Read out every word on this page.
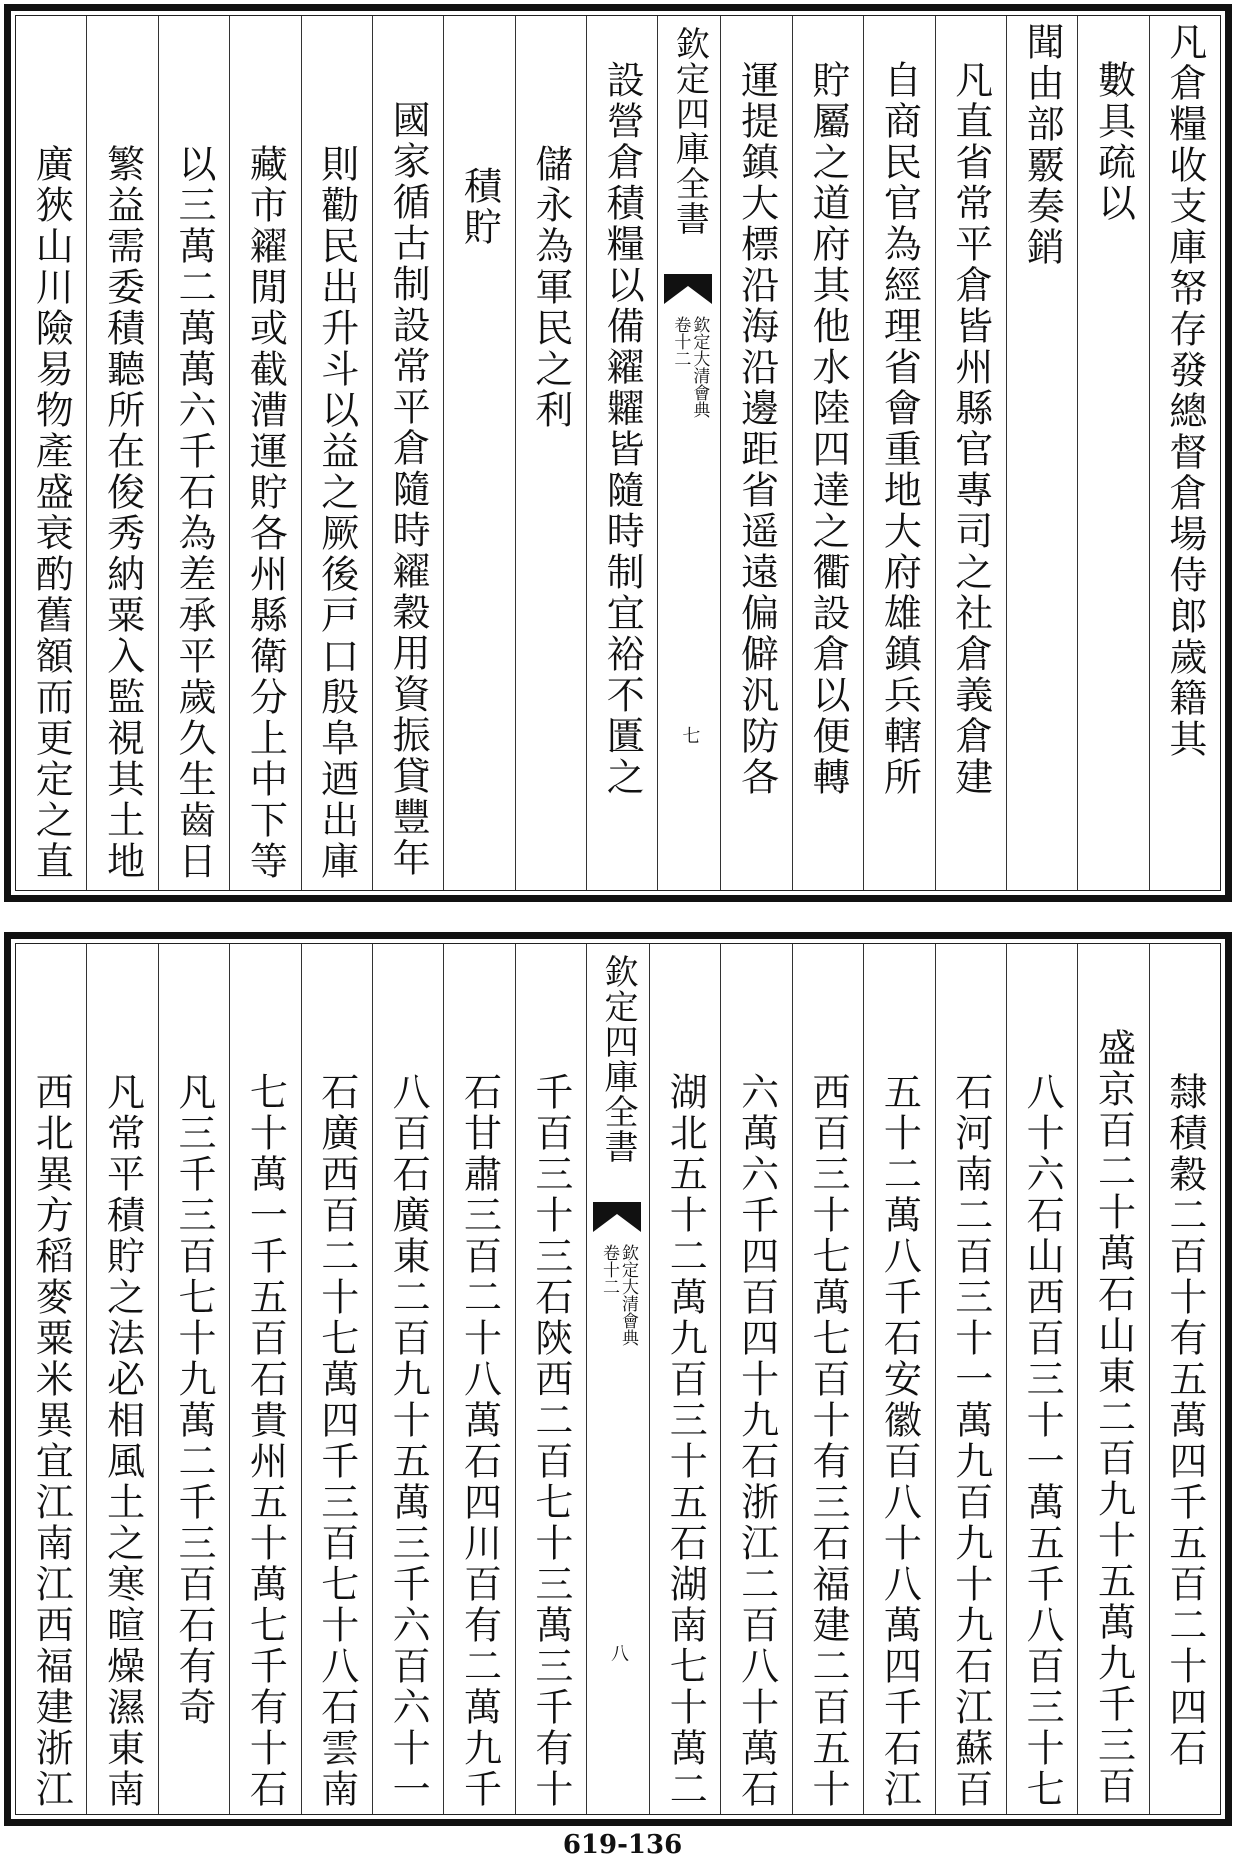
凡倉糧收支庫帑存發總督倉場侍郎歲籍其
數具疏以
聞由部覈奏銷
凡直省常平倉皆州縣官專司之社倉義倉建
自商民官為經理省會重地大府雄鎮兵轄所
貯屬之道府其他水陸四達之衢設倉以便轉
運提鎮大標沿海沿邊距省遥遠偏僻汎防各
欽定四庫全書
欽定大清會典
卷十二
七
設營倉積糧以備糴糶皆隨時制宜裕不匱之
儲永為軍民之利
積貯
國家循古制設常平倉隨時糴穀用資振貸豐年
則勸民出升斗以益之厥後戸口殷阜迺出庫
藏市糴閒或截漕運貯各州縣衛分上中下等
以三萬二萬萬六千石為差承平歲久生齒日
繁益需委積聽所在俊秀納粟入監視其土地
廣狹山川險易物產盛衰酌舊額而更定之直
隸積穀二百十有五萬四千五百二十四石
盛京百二十萬石山東二百九十五萬九千三百
八十六石山西百三十一萬五千八百三十七
石河南二百三十一萬九百九十九石江蘇百
五十二萬八千石安徽百八十八萬四千石江
西百三十七萬七百十有三石福建二百五十
六萬六千四百四十九石浙江二百八十萬石
湖北五十二萬九百三十五石湖南七十萬二
欽定四庫全書
欽定大清會典
卷十二
八
千百三十三石陝西二百七十三萬三千有十
石甘肅三百二十八萬石四川百有二萬九千
八百石廣東二百九十五萬三千六百六十一
石廣西百二十七萬四千三百七十八石雲南
七十萬一千五百石貴州五十萬七千有十石
凡三千三百七十九萬二千三百石有奇
凡常平積貯之法必相風土之寒暄燥濕東南
西北異方稻麥粟米異宜江南江西福建浙江
619-136
